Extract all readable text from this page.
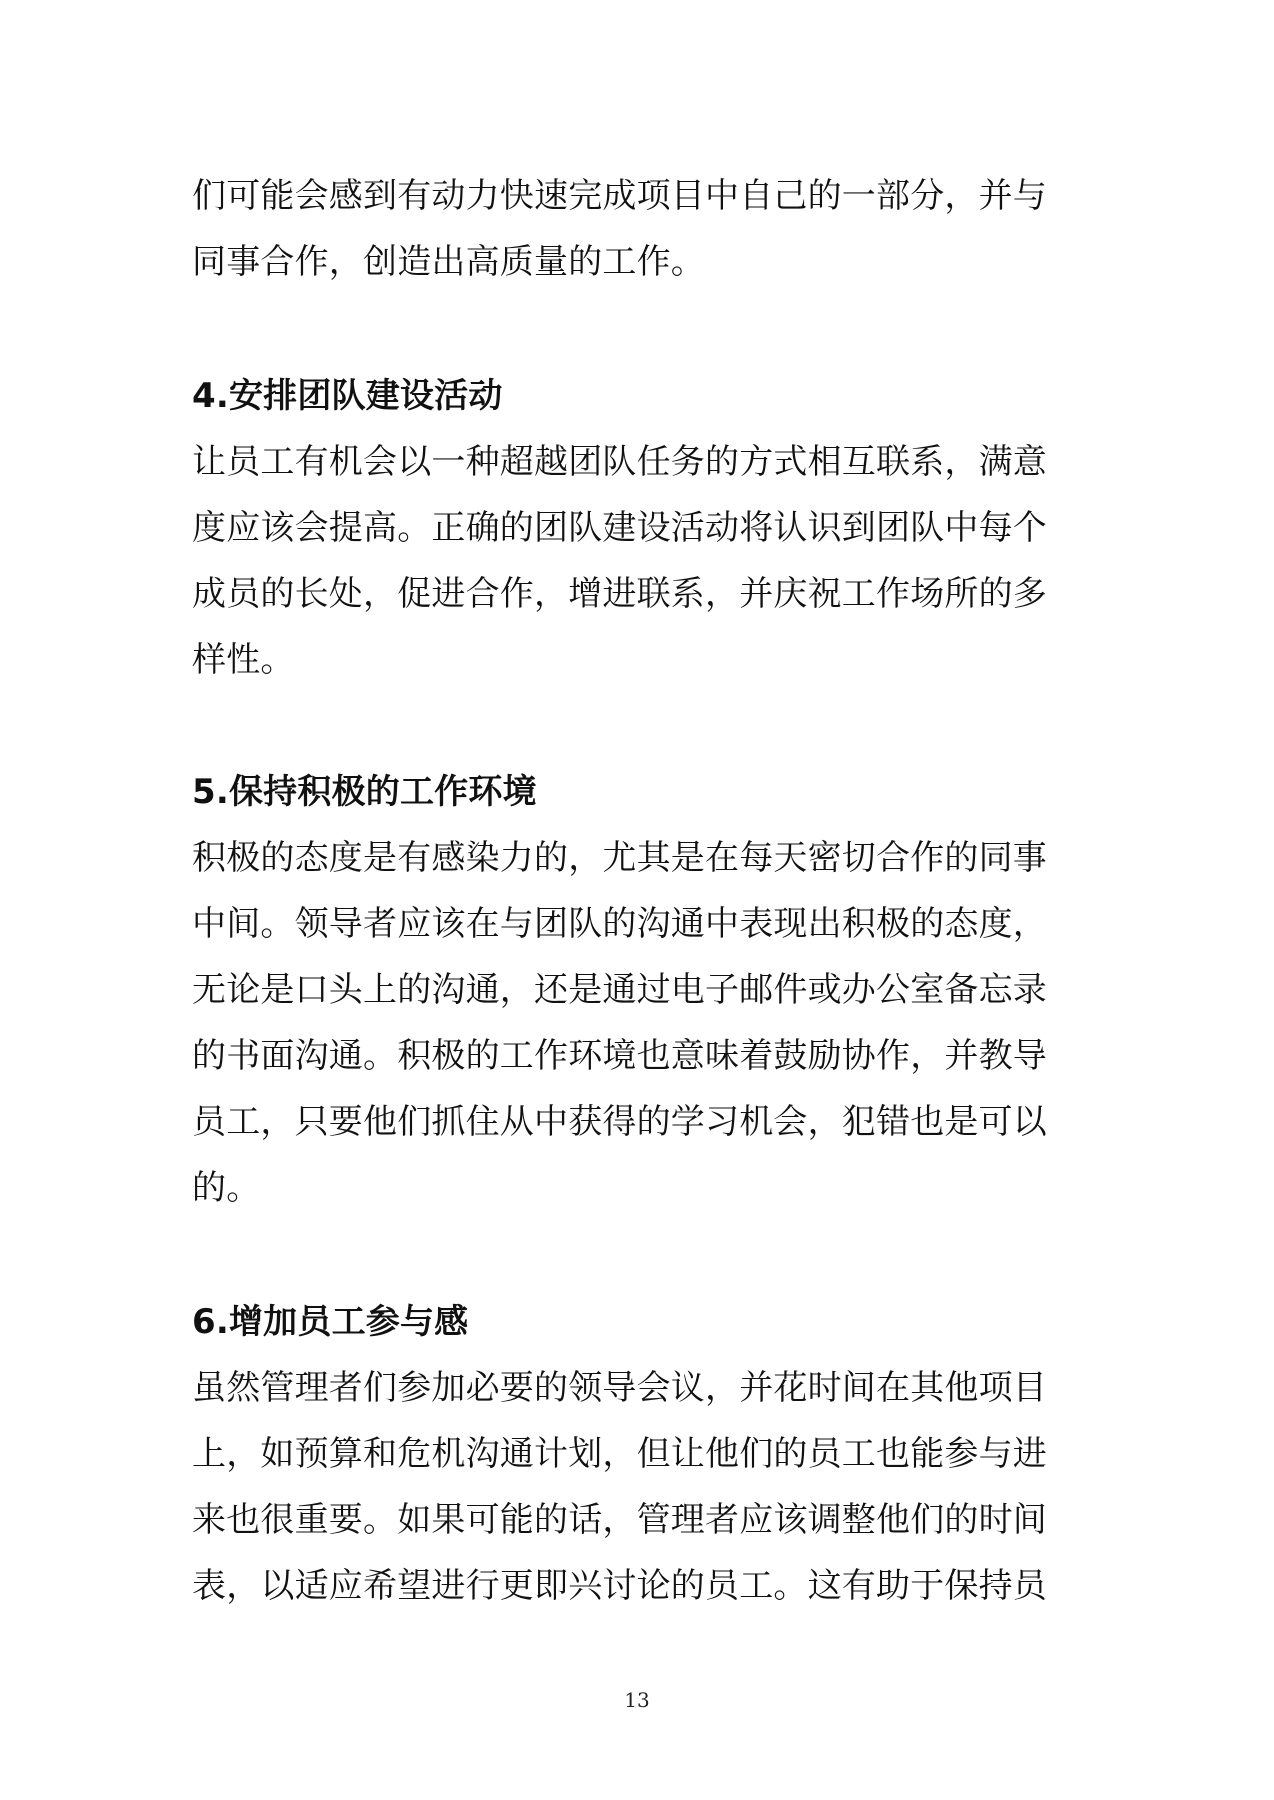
们可能会感到有动力快速完成项目中自己的一部分，并与
同事合作，创造出高质量的工作。
4.安排团队建设活动
让员工有机会以一种超越团队任务的方式相互联系，满意
度应该会提高。正确的团队建设活动将认识到团队中每个
成员的长处，促进合作，增进联系，并庆祝工作场所的多
样性。
5.保持积极的工作环境
积极的态度是有感染力的，尤其是在每天密切合作的同事
中间。领导者应该在与团队的沟通中表现出积极的态度，
无论是口头上的沟通，还是通过电子邮件或办公室备忘录
的书面沟通。积极的工作环境也意味着鼓励协作，并教导
员工，只要他们抓住从中获得的学习机会，犯错也是可以
的。
6.增加员工参与感
虽然管理者们参加必要的领导会议，并花时间在其他项目
上，如预算和危机沟通计划，但让他们的员工也能参与进
来也很重要。如果可能的话，管理者应该调整他们的时间
表，以适应希望进行更即兴讨论的员工。这有助于保持员
13
